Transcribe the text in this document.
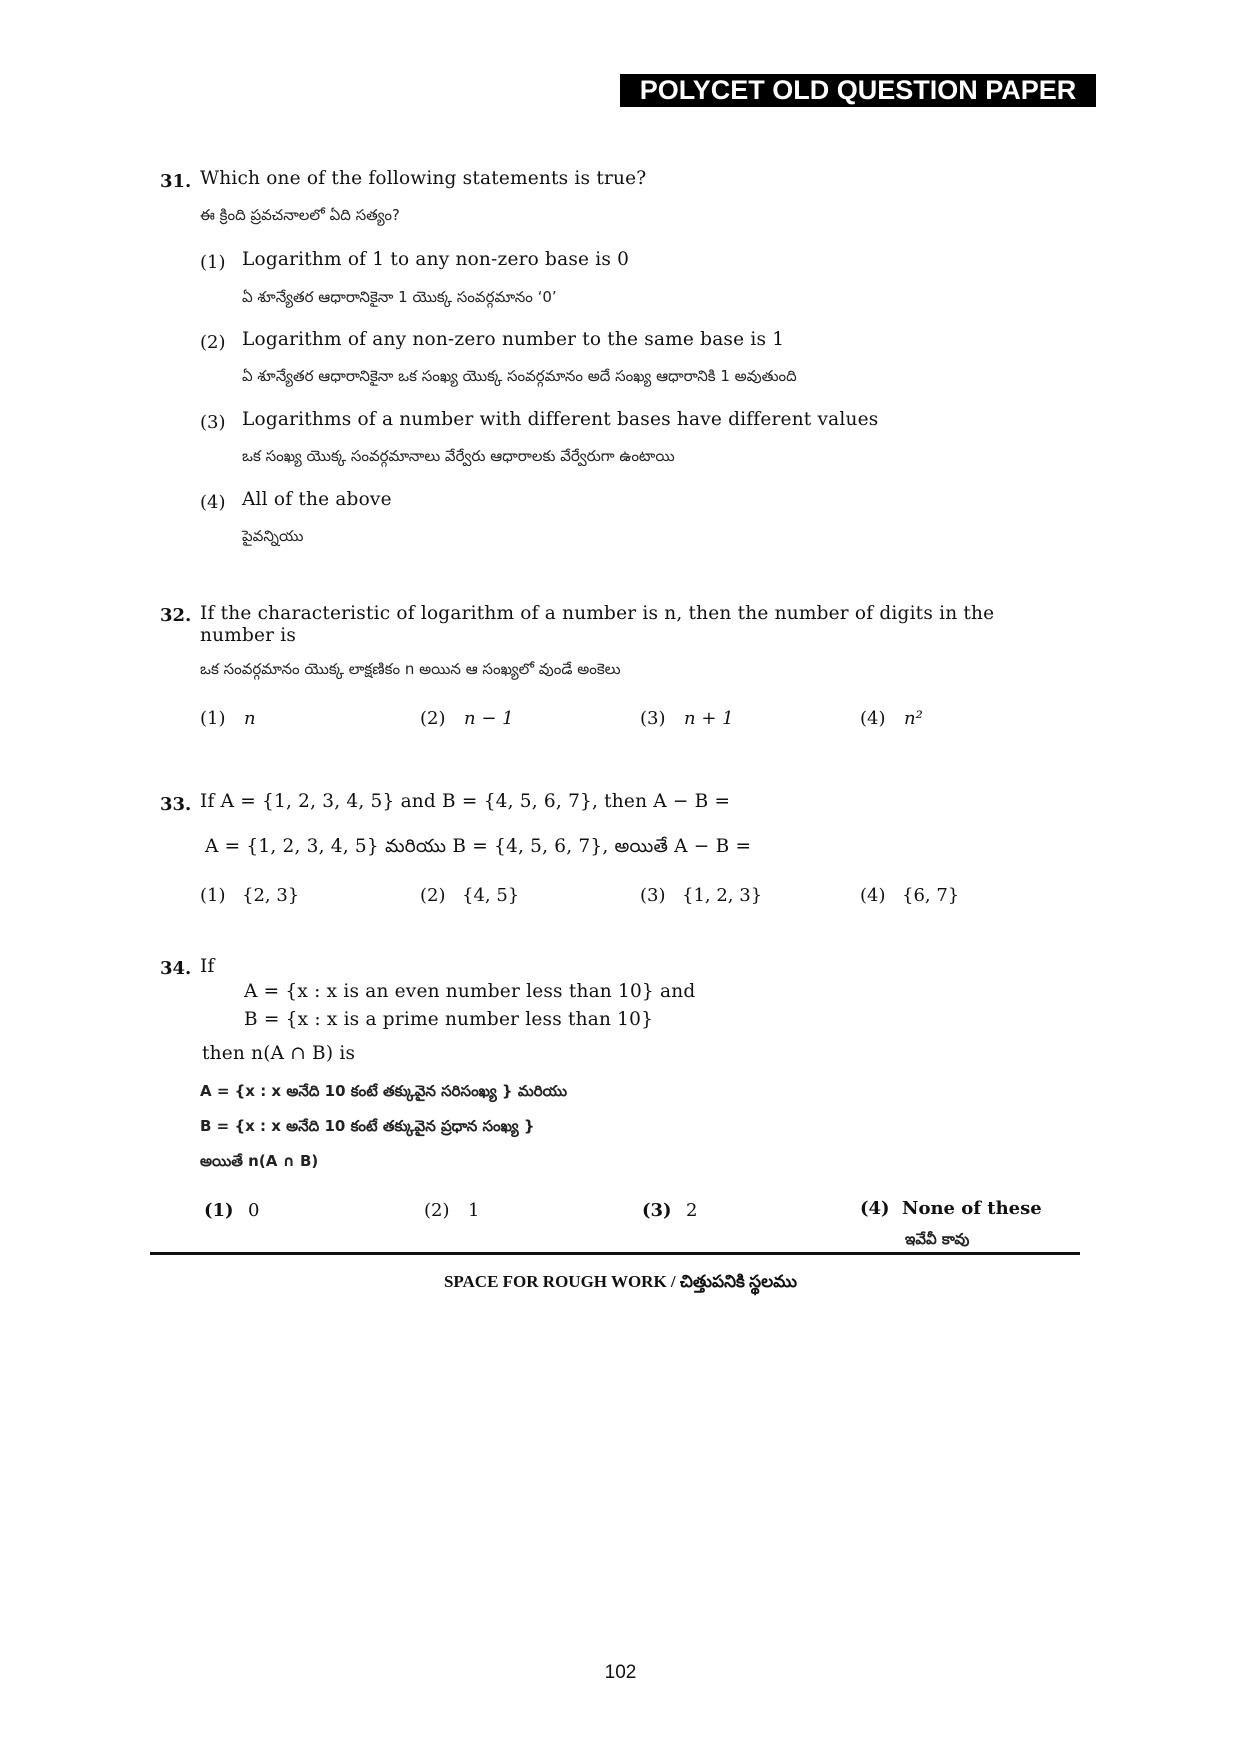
POLYCET OLD QUESTION PAPER
31. Which one of the following statements is true?
ఈ క్రింది ప్రవచనాలలో ఏది సత్యం?
(1) Logarithm of 1 to any non-zero base is 0
ఏ శూన్యేతర ఆధారానికైనా 1 యొక్క సంవర్గమానం ‘0’
(2) Logarithm of any non-zero number to the same base is 1
ఏ శూన్యేతర ఆధారానికైనా ఒక సంఖ్య యొక్క సంవర్గమానం అదే సంఖ్య ఆధారానికి 1 అవుతుంది
(3) Logarithms of a number with different bases have different values
ఒక సంఖ్య యొక్క సంవర్గమానాలు వేర్వేరు ఆధారాలకు వేర్వేరుగా ఉంటాయి
(4) All of the above
పైవన్నియు
32. If the characteristic of logarithm of a number is n, then the number of digits in the
number is
ఒక సంవర్గమానం యొక్క లాక్షణికం n అయిన ఆ సంఖ్యలో వుండే అంకెలు
(1) n	(2) n − 1	(3) n + 1	(4) n²
33. If A = {1, 2, 3, 4, 5} and B = {4, 5, 6, 7}, then A − B =
A = {1, 2, 3, 4, 5} మరియు B = {4, 5, 6, 7}, అయితే A − B =
(1) {2, 3}	(2) {4, 5}	(3) {1, 2, 3}	(4) {6, 7}
34. If
A = {x : x is an even number less than 10} and
B = {x : x is a prime number less than 10}
then n(A ∩ B) is
A = {x : x అనేది 10 కంటే తక్కువైన సరిసంఖ్య } మరియు
B = {x : x అనేది 10 కంటే తక్కువైన ప్రధాన సంఖ్య }
అయితే n(A ∩ B)
(1) 0	(2) 1	(3) 2	(4) None of these
ఇవేవీ కావు
SPACE FOR ROUGH WORK / చిత్తుపనికి స్థలము
102
